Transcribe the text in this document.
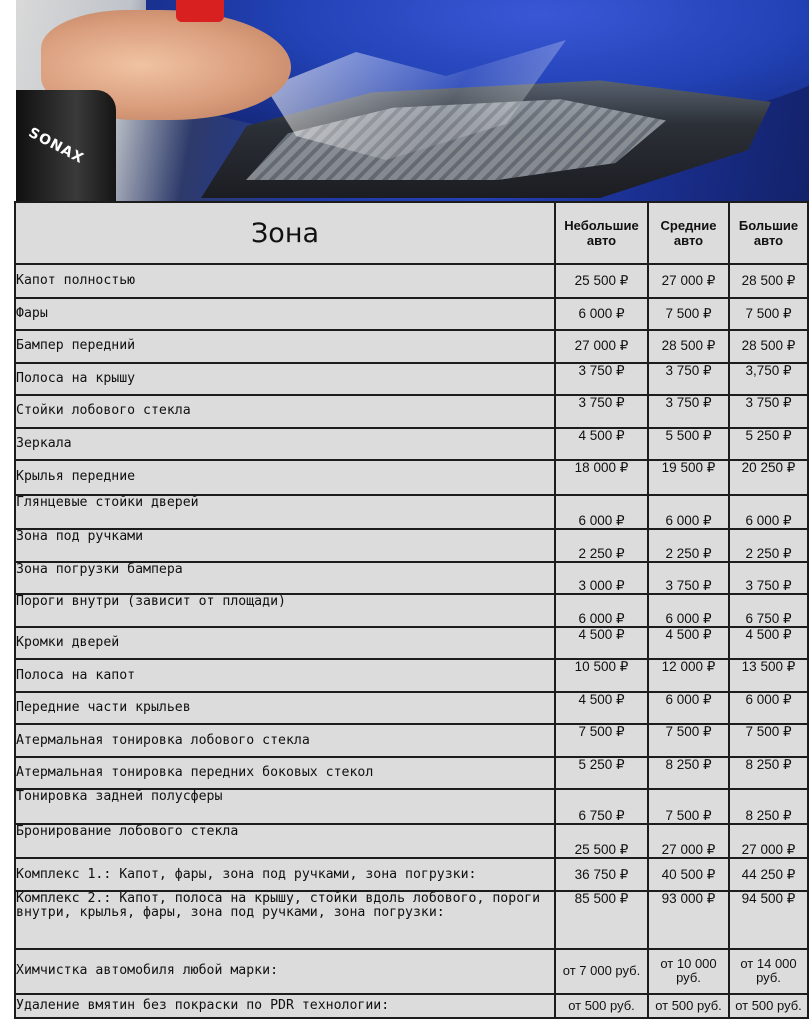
SONAX
Зона	Небольшие авто	Средние авто	Большие авто
Капот полностью	25 500 ₽	27 000 ₽	28 500 ₽
Фары	6 000 ₽	7 500 ₽	7 500 ₽
Бампер передний	27 000 ₽	28 500 ₽	28 500 ₽
Полоса на крышу	3 750 ₽	3 750 ₽	3,750 ₽
Стойки лобового стекла	3 750 ₽	3 750 ₽	3 750 ₽
Зеркала	4 500 ₽	5 500 ₽	5 250 ₽
Крылья передние	18 000 ₽	19 500 ₽	20 250 ₽
Глянцевые стойки дверей	6 000 ₽	6 000 ₽	6 000 ₽
Зона под ручками	2 250 ₽	2 250 ₽	2 250 ₽
Зона погрузки бампера	3 000 ₽	3 750 ₽	3 750 ₽
Пороги внутри (зависит от площади)	6 000 ₽	6 000 ₽	6 750 ₽
Кромки дверей	4 500 ₽	4 500 ₽	4 500 ₽
Полоса на капот	10 500 ₽	12 000 ₽	13 500 ₽
Передние части крыльев	4 500 ₽	6 000 ₽	6 000 ₽
Атермальная тонировка лобового стекла	7 500 ₽	7 500 ₽	7 500 ₽
Атермальная тонировка передних боковых стекол	5 250 ₽	8 250 ₽	8 250 ₽
Тонировка задней полусферы	6 750 ₽	7 500 ₽	8 250 ₽
Бронирование лобового стекла	25 500 ₽	27 000 ₽	27 000 ₽
Комплекс 1.: Капот, фары, зона под ручками, зона погрузки:	36 750 ₽	40 500 ₽	44 250 ₽
Комплекс 2.: Капот, полоса на крышу, стойки вдоль лобового, пороги внутри, крылья, фары, зона под ручками, зона погрузки:	85 500 ₽	93 000 ₽	94 500 ₽
Химчистка автомобиля любой марки:	от 7 000 руб.	от 10 000 руб.	от 14 000 руб.
Удаление вмятин без покраски по PDR технологии:	от 500 руб.	от 500 руб.	от 500 руб.
